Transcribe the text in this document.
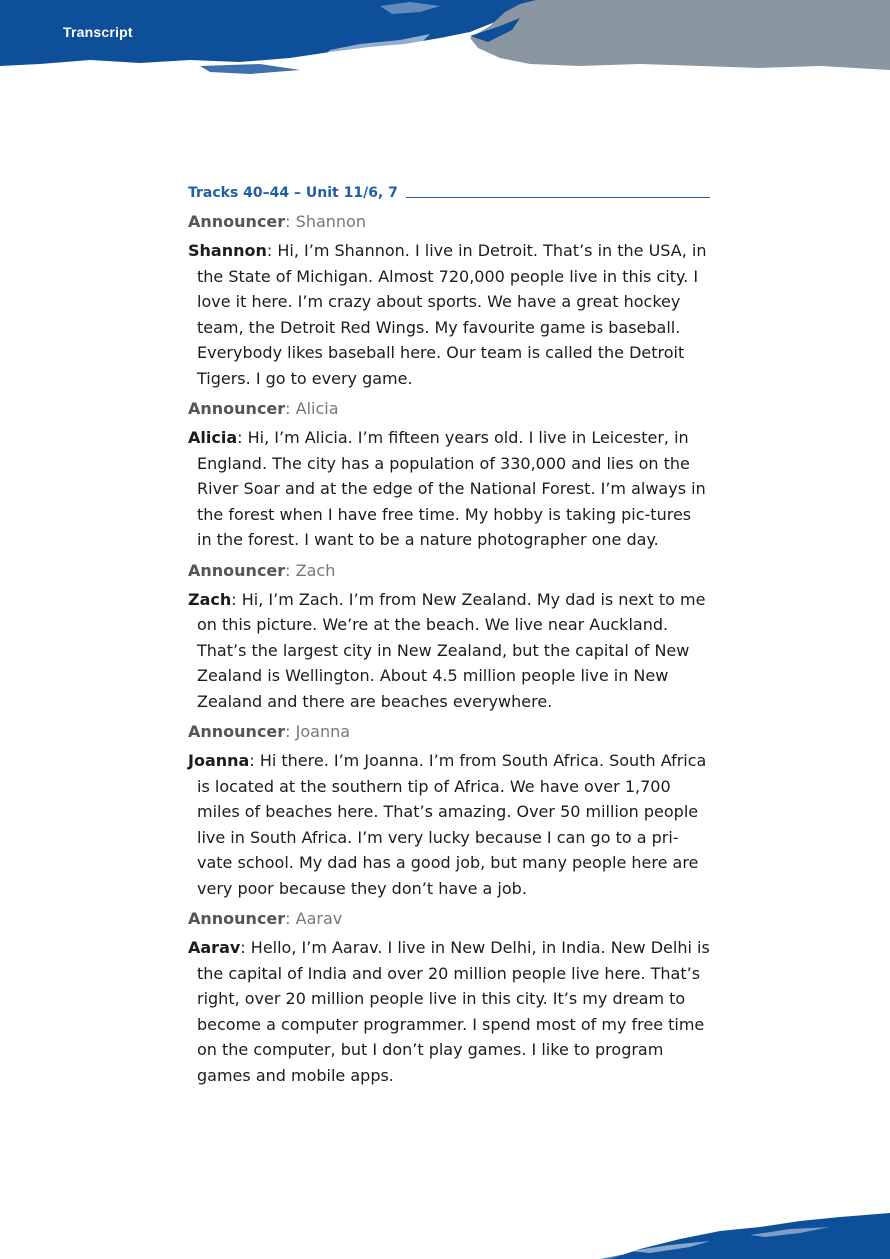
Transcript
Tracks 40–44 – Unit 11/6, 7

Announcer: Shannon

Shannon: Hi, I’m Shannon. I live in Detroit. That’s in the USA, in the State of Michigan. Almost 720,000 people live in this city. I love it here. I’m crazy about sports. We have a great hockey team, the Detroit Red Wings. My favourite game is baseball. Everybody likes baseball here. Our team is called the Detroit Tigers. I go to every game.

Announcer: Alicia

Alicia: Hi, I’m Alicia. I’m fifteen years old. I live in Leicester, in England. The city has a population of 330,000 and lies on the River Soar and at the edge of the National Forest. I’m always in the forest when I have free time. My hobby is taking pic-tures in the forest. I want to be a nature photographer one day.

Announcer: Zach

Zach: Hi, I’m Zach. I’m from New Zealand. My dad is next to me on this picture. We’re at the beach. We live near Auckland. That’s the largest city in New Zealand, but the capital of New Zealand is Wellington. About 4.5 million people live in New Zealand and there are beaches everywhere.

Announcer: Joanna

Joanna: Hi there. I’m Joanna. I’m from South Africa. South Africa is located at the southern tip of Africa. We have over 1,700 miles of beaches here. That’s amazing. Over 50 million people live in South Africa. I’m very lucky because I can go to a pri-vate school. My dad has a good job, but many people here are very poor because they don’t have a job.

Announcer: Aarav

Aarav: Hello, I’m Aarav. I live in New Delhi, in India. New Delhi is the capital of India and over 20 million people live here. That’s right, over 20 million people live in this city. It’s my dream to become a computer programmer. I spend most of my free time on the computer, but I don’t play games. I like to program games and mobile apps.
